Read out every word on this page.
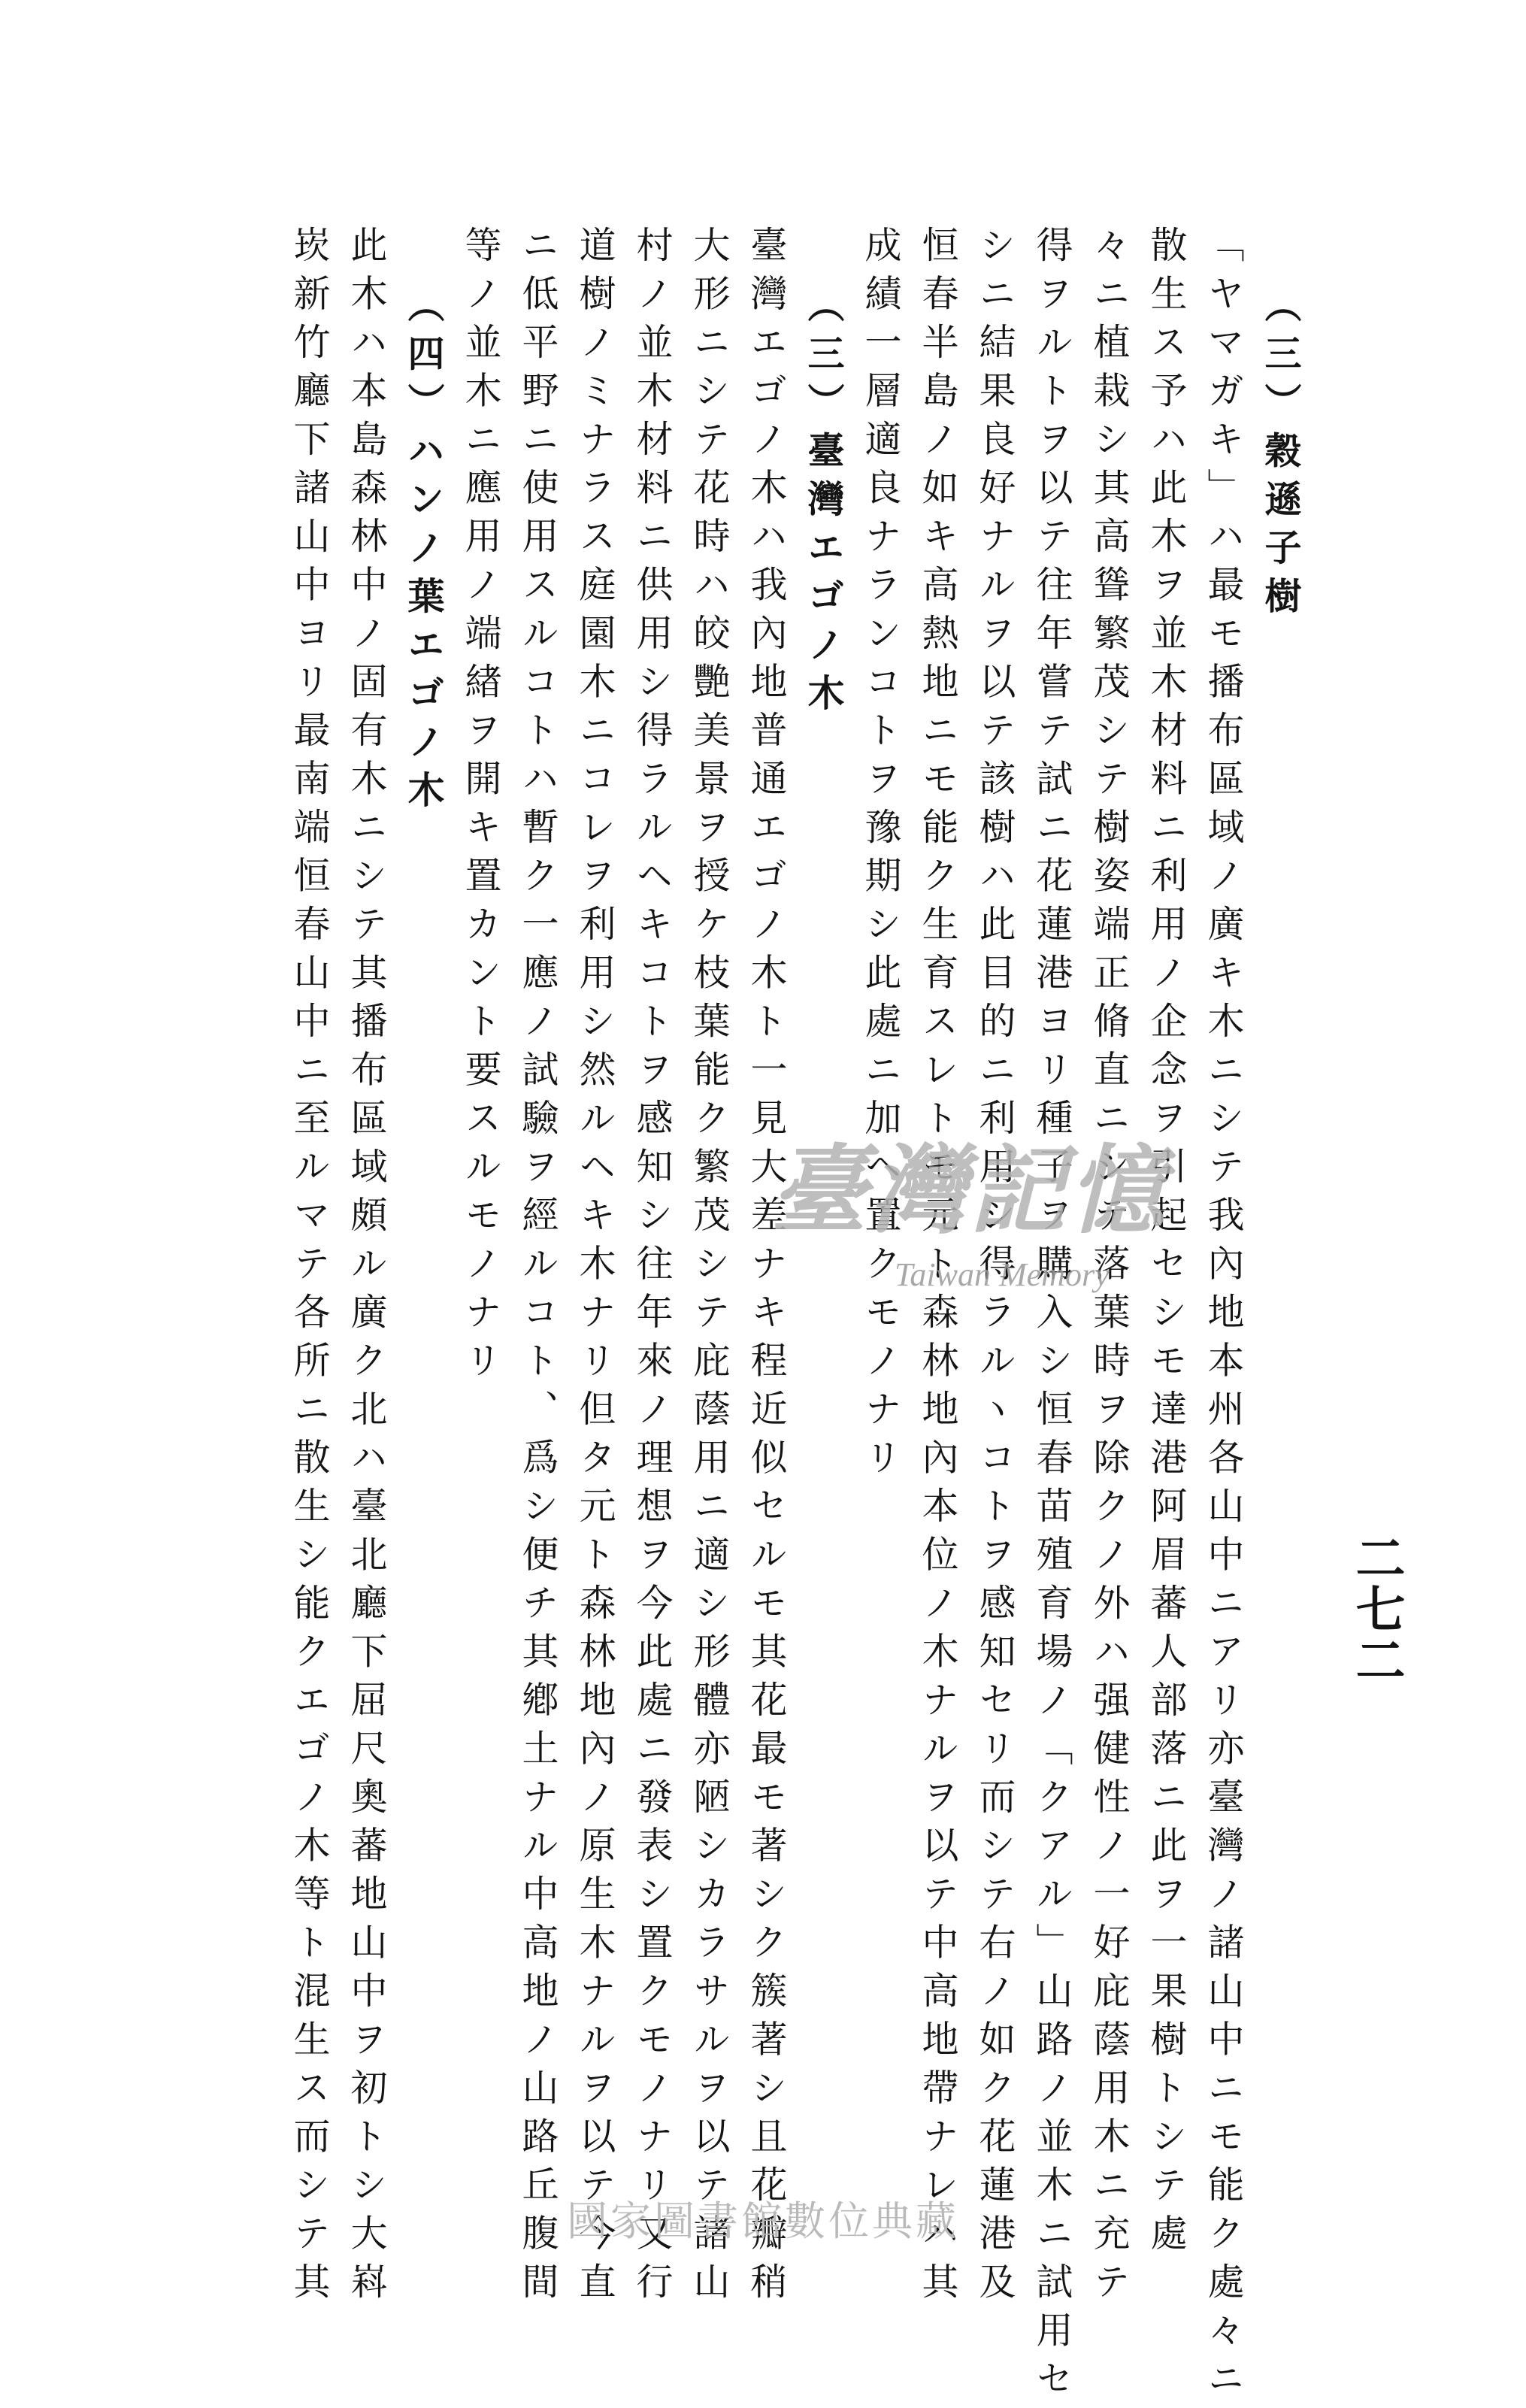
二七二
（三）穀遜子樹
「ヤマガキ」ハ最モ播布區域ノ廣キ木ニシテ我內地本州各山中ニアリ亦臺灣ノ諸山中ニモ能ク處々ニ
散生ス予ハ此木ヲ並木材料ニ利用ノ企念ヲ引起セシモ達港阿眉蕃人部落ニ此ヲ一果樹トシテ處
々ニ植栽シ其高聳繁茂シテ樹姿端正脩直ニシテ落葉時ヲ除クノ外ハ强健性ノ一好庇蔭用木ニ充テ
得ヲルトヲ以テ往年嘗テ試ニ花蓮港ヨリ種子ヲ購入シ恒春苗殖育場ノ「クアル」山路ノ並木ニ試用セ
シニ結果良好ナルヲ以テ該樹ハ此目的ニ利用シ得ラルヽコトヲ感知セリ而シテ右ノ如ク花蓮港及
恒春半島ノ如キ高熱地ニモ能ク生育スレトモ元ト森林地內本位ノ木ナルヲ以テ中高地帶ナレハ其
成績一層適良ナランコトヲ豫期シ此處ニ加ヘ置クモノナリ
（三）臺灣エゴノ木
臺灣エゴノ木ハ我內地普通エゴノ木ト一見大差ナキ程近似セルモ其花最モ著シク簇著シ且花瓣稍
大形ニシテ花時ハ皎艷美景ヲ授ケ枝葉能ク繁茂シテ庇蔭用ニ適シ形體亦陋シカラサルヲ以テ諸山
村ノ並木材料ニ供用シ得ラルヘキコトヲ感知シ往年來ノ理想ヲ今此處ニ發表シ置クモノナリ又行
道樹ノミナラス庭園木ニコレヲ利用シ然ルヘキ木ナリ但タ元ト森林地內ノ原生木ナルヲ以テ今直
ニ低平野ニ使用スルコトハ暫ク一應ノ試驗ヲ經ルコト、爲シ便チ其鄕土ナル中高地ノ山路丘腹間
等ノ並木ニ應用ノ端緖ヲ開キ置カント要スルモノナリ
（四）ハンノ葉エゴノ木
此木ハ本島森林中ノ固有木ニシテ其播布區域頗ル廣ク北ハ臺北廳下屈尺奧蕃地山中ヲ初トシ大嵙
崁新竹廳下諸山中ヨリ最南端恒春山中ニ至ルマテ各所ニ散生シ能クエゴノ木等ト混生ス而シテ其	臺灣記憶
Taiwan Memory
國家圖書館數位典藏
